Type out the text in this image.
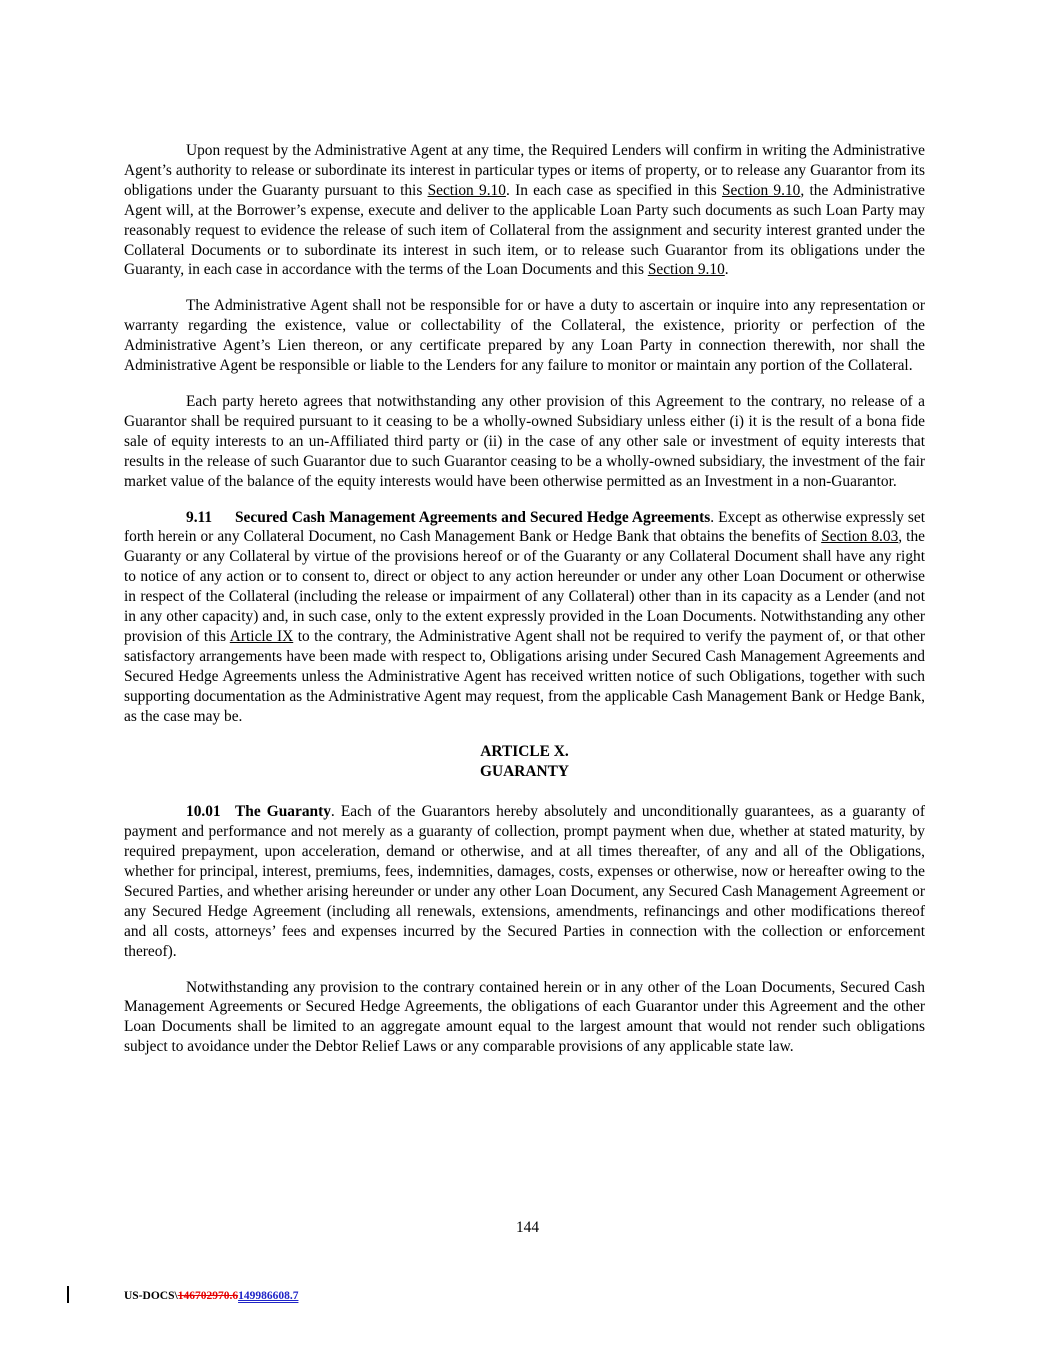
Upon request by the Administrative Agent at any time, the Required Lenders will confirm in writing the Administrative Agent’s authority to release or subordinate its interest in particular types or items of property, or to release any Guarantor from its obligations under the Guaranty pursuant to this Section 9.10. In each case as specified in this Section 9.10, the Administrative Agent will, at the Borrower’s expense, execute and deliver to the applicable Loan Party such documents as such Loan Party may reasonably request to evidence the release of such item of Collateral from the assignment and security interest granted under the Collateral Documents or to subordinate its interest in such item, or to release such Guarantor from its obligations under the Guaranty, in each case in accordance with the terms of the Loan Documents and this Section 9.10.

The Administrative Agent shall not be responsible for or have a duty to ascertain or inquire into any representation or warranty regarding the existence, value or collectability of the Collateral, the existence, priority or perfection of the Administrative Agent’s Lien thereon, or any certificate prepared by any Loan Party in connection therewith, nor shall the Administrative Agent be responsible or liable to the Lenders for any failure to monitor or maintain any portion of the Collateral.

Each party hereto agrees that notwithstanding any other provision of this Agreement to the contrary, no release of a Guarantor shall be required pursuant to it ceasing to be a wholly-owned Subsidiary unless either (i) it is the result of a bona fide sale of equity interests to an un-Affiliated third party or (ii) in the case of any other sale or investment of equity interests that results in the release of such Guarantor due to such Guarantor ceasing to be a wholly-owned subsidiary, the investment of the fair market value of the balance of the equity interests would have been otherwise permitted as an Investment in a non-Guarantor.

9.11 Secured Cash Management Agreements and Secured Hedge Agreements. Except as otherwise expressly set forth herein or any Collateral Document, no Cash Management Bank or Hedge Bank that obtains the benefits of Section 8.03, the Guaranty or any Collateral by virtue of the provisions hereof or of the Guaranty or any Collateral Document shall have any right to notice of any action or to consent to, direct or object to any action hereunder or under any other Loan Document or otherwise in respect of the Collateral (including the release or impairment of any Collateral) other than in its capacity as a Lender (and not in any other capacity) and, in such case, only to the extent expressly provided in the Loan Documents. Notwithstanding any other provision of this Article IX to the contrary, the Administrative Agent shall not be required to verify the payment of, or that other satisfactory arrangements have been made with respect to, Obligations arising under Secured Cash Management Agreements and Secured Hedge Agreements unless the Administrative Agent has received written notice of such Obligations, together with such supporting documentation as the Administrative Agent may request, from the applicable Cash Management Bank or Hedge Bank, as the case may be.

ARTICLE X.
GUARANTY

10.01 The Guaranty. Each of the Guarantors hereby absolutely and unconditionally guarantees, as a guaranty of payment and performance and not merely as a guaranty of collection, prompt payment when due, whether at stated maturity, by required prepayment, upon acceleration, demand or otherwise, and at all times thereafter, of any and all of the Obligations, whether for principal, interest, premiums, fees, indemnities, damages, costs, expenses or otherwise, now or hereafter owing to the Secured Parties, and whether arising hereunder or under any other Loan Document, any Secured Cash Management Agreement or any Secured Hedge Agreement (including all renewals, extensions, amendments, refinancings and other modifications thereof and all costs, attorneys’ fees and expenses incurred by the Secured Parties in connection with the collection or enforcement thereof).

Notwithstanding any provision to the contrary contained herein or in any other of the Loan Documents, Secured Cash Management Agreements or Secured Hedge Agreements, the obligations of each Guarantor under this Agreement and the other Loan Documents shall be limited to an aggregate amount equal to the largest amount that would not render such obligations subject to avoidance under the Debtor Relief Laws or any comparable provisions of any applicable state law.

144
US-DOCS\146702970.6149986608.7
